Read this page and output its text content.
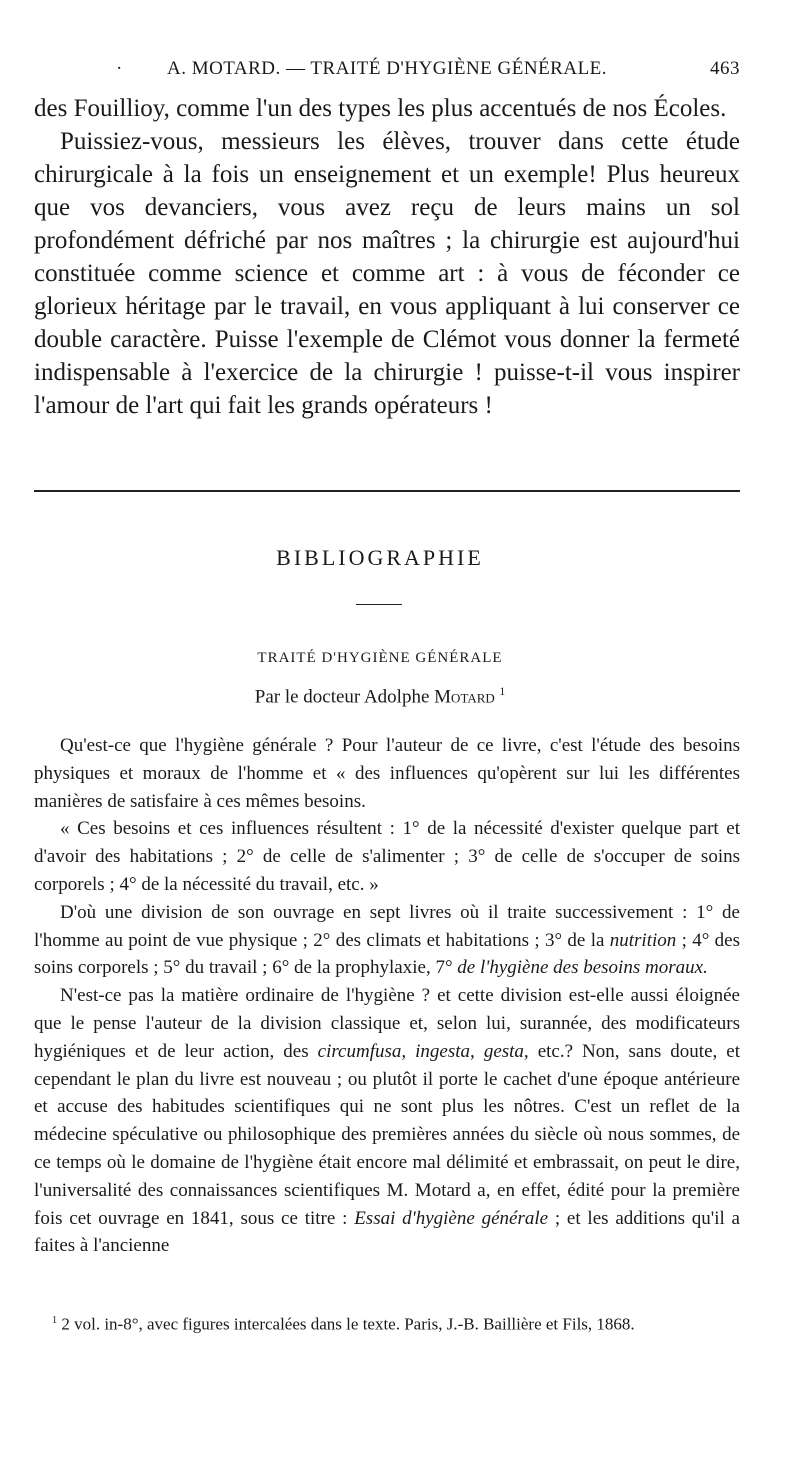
·	A. MOTARD. — TRAITÉ D'HYGIÈNE GÉNÉRALE.	463

des Fouillioy, comme l'un des types les plus accentués de nos Écoles.

Puissiez-vous, messieurs les élèves, trouver dans cette étude chirurgicale à la fois un enseignement et un exemple! Plus heureux que vos devanciers, vous avez reçu de leurs mains un sol profondément défriché par nos maîtres ; la chirurgie est aujourd'hui constituée comme science et comme art : à vous de féconder ce glorieux héritage par le travail, en vous appliquant à lui conserver ce double caractère. Puisse l'exemple de Clémot vous donner la fermeté indispensable à l'exercice de la chirurgie ! puisse-t-il vous inspirer l'amour de l'art qui fait les grands opérateurs !

BIBLIOGRAPHIE
TRAITÉ D'HYGIÈNE GÉNÉRALE
Par le docteur Adolphe Motard $^1$

Qu'est-ce que l'hygiène générale ? Pour l'auteur de ce livre, c'est l'étude des besoins physiques et moraux de l'homme et « des influences qu'opèrent sur lui les différentes manières de satisfaire à ces mêmes besoins.

« Ces besoins et ces influences résultent : 1° de la nécessité d'exister quelque part et d'avoir des habitations ; 2° de celle de s'alimenter ; 3° de celle de s'occuper de soins corporels ; 4° de la nécessité du travail, etc. »

D'où une division de son ouvrage en sept livres où il traite successivement : 1° de l'homme au point de vue physique ; 2° des climats et habitations ; 3° de la nutrition ; 4° des soins corporels ; 5° du travail ; 6° de la prophylaxie, 7° de l'hygiène des besoins moraux.

N'est-ce pas la matière ordinaire de l'hygiène ? et cette division est-elle aussi éloignée que le pense l'auteur de la division classique et, selon lui, surannée, des modificateurs hygiéniques et de leur action, des circumfusa, ingesta, gesta, etc.? Non, sans doute, et cependant le plan du livre est nouveau ; ou plutôt il porte le cachet d'une époque antérieure et accuse des habitudes scientifiques qui ne sont plus les nôtres. C'est un reflet de la médecine spéculative ou philosophique des premières années du siècle où nous sommes, de ce temps où le domaine de l'hygiène était encore mal délimité et embrassait, on peut le dire, l'universalité des connaissances scientifiques M. Motard a, en effet, édité pour la première fois cet ouvrage en 1841, sous ce titre : Essai d'hygiène générale ; et les additions qu'il a faites à l'ancienne

$^1$ 2 vol. in-8°, avec figures intercalées dans le texte. Paris, J.-B. Baillière et Fils, 1868.
